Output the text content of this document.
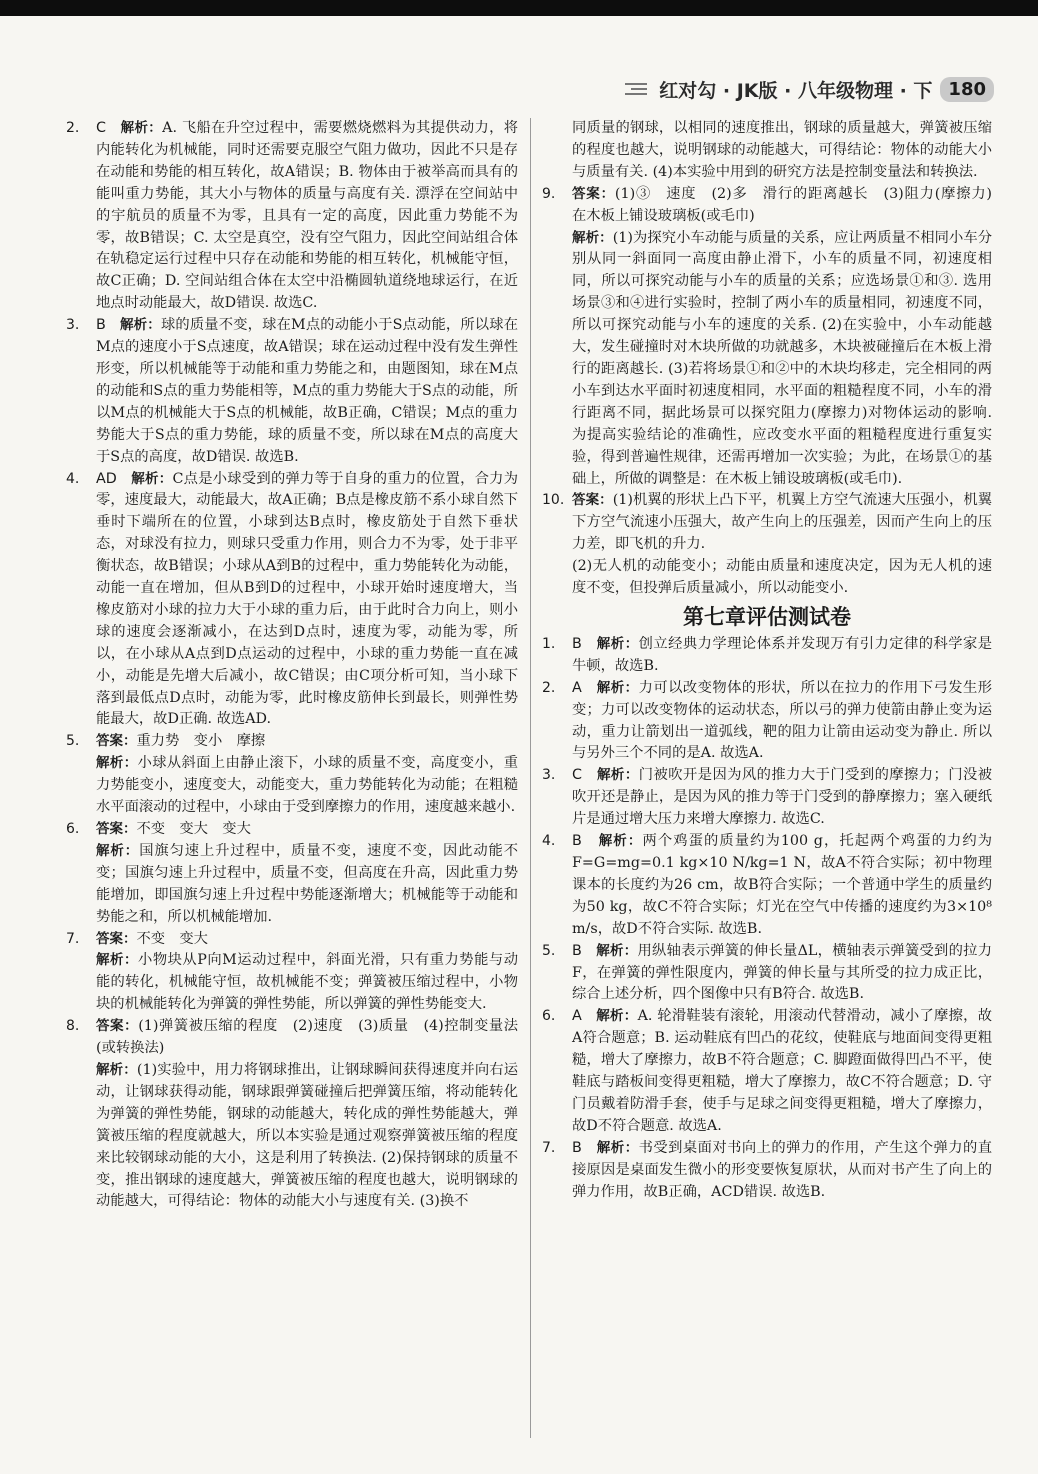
红对勾 · JK版 · 八年级物理 · 下 180
2.	C 解析：A. 飞船在升空过程中，需要燃烧燃料为其提供动力，将内能转化为机械能，同时还需要克服空气阻力做功，因此不只是存在动能和势能的相互转化，故A错误；B. 物体由于被举高而具有的能叫重力势能，其大小与物体的质量与高度有关. 漂浮在空间站中的宇航员的质量不为零，且具有一定的高度，因此重力势能不为零，故B错误；C. 太空是真空，没有空气阻力，因此空间站组合体在轨稳定运行过程中只存在动能和势能的相互转化，机械能守恒，故C正确；D. 空间站组合体在太空中沿椭圆轨道绕地球运行，在近地点时动能最大，故D错误. 故选C.
3.	B 解析：球的质量不变，球在M点的动能小于S点动能，所以球在M点的速度小于S点速度，故A错误；球在运动过程中没有发生弹性形变，所以机械能等于动能和重力势能之和，由题图知，球在M点的动能和S点的重力势能相等，M点的重力势能大于S点的动能，所以M点的机械能大于S点的机械能，故B正确，C错误；M点的重力势能大于S点的重力势能，球的质量不变，所以球在M点的高度大于S点的高度，故D错误. 故选B.
4.	AD 解析：C点是小球受到的弹力等于自身的重力的位置，合力为零，速度最大，动能最大，故A正确；B点是橡皮筋不系小球自然下垂时下端所在的位置，小球到达B点时，橡皮筋处于自然下垂状态，对球没有拉力，则球只受重力作用，则合力不为零，处于非平衡状态，故B错误；小球从A到B的过程中，重力势能转化为动能，动能一直在增加，但从B到D的过程中，小球开始时速度增大，当橡皮筋对小球的拉力大于小球的重力后，由于此时合力向上，则小球的速度会逐渐减小，在达到D点时，速度为零，动能为零，所以，在小球从A点到D点运动的过程中，小球的重力势能一直在减小，动能是先增大后减小，故C错误；由C项分析可知，当小球下落到最低点D点时，动能为零，此时橡皮筋伸长到最长，则弹性势能最大，故D正确. 故选AD.
5.	答案：重力势　变小　摩擦

解析：小球从斜面上由静止滚下，小球的质量不变，高度变小，重力势能变小，速度变大，动能变大，重力势能转化为动能；在粗糙水平面滚动的过程中，小球由于受到摩擦力的作用，速度越来越小.

6.	答案：不变　变大　变大

解析：国旗匀速上升过程中，质量不变，速度不变，因此动能不变；国旗匀速上升过程中，质量不变，但高度在升高，因此重力势能增加，即国旗匀速上升过程中势能逐渐增大；机械能等于动能和势能之和，所以机械能增加.

7.	答案：不变　变大

解析：小物块从P向M运动过程中，斜面光滑，只有重力势能与动能的转化，机械能守恒，故机械能不变；弹簧被压缩过程中，小物块的机械能转化为弹簧的弹性势能，所以弹簧的弹性势能变大.

8.	答案：(1)弹簧被压缩的程度　(2)速度　(3)质量　(4)控制变量法(或转换法)

解析：(1)实验中，用力将钢球推出，让钢球瞬间获得速度并向右运动，让钢球获得动能，钢球跟弹簧碰撞后把弹簧压缩，将动能转化为弹簧的弹性势能，钢球的动能越大，转化成的弹性势能越大，弹簧被压缩的程度就越大，所以本实验是通过观察弹簧被压缩的程度来比较钢球动能的大小，这是利用了转换法. (2)保持钢球的质量不变，推出钢球的速度越大，弹簧被压缩的程度也越大，说明钢球的动能越大，可得结论：物体的动能大小与速度有关. (3)换不

同质量的钢球，以相同的速度推出，钢球的质量越大，弹簧被压缩的程度也越大，说明钢球的动能越大，可得结论：物体的动能大小与质量有关. (4)本实验中用到的研究方法是控制变量法和转换法.
9.	答案：(1)③　速度　(2)多　滑行的距离越长　(3)阻力(摩擦力)　在木板上铺设玻璃板(或毛巾)

解析：(1)为探究小车动能与质量的关系，应让两质量不相同小车分别从同一斜面同一高度由静止滑下，小车的质量不同，初速度相同，所以可探究动能与小车的质量的关系；应选场景①和③. 选用场景③和④进行实验时，控制了两小车的质量相同，初速度不同，所以可探究动能与小车的速度的关系. (2)在实验中，小车动能越大，发生碰撞时对木块所做的功就越多，木块被碰撞后在木板上滑行的距离越长. (3)若将场景①和②中的木块均移走，完全相同的两小车到达水平面时初速度相同，水平面的粗糙程度不同，小车的滑行距离不同，据此场景可以探究阻力(摩擦力)对物体运动的影响. 为提高实验结论的准确性，应改变水平面的粗糙程度进行重复实验，得到普遍性规律，还需再增加一次实验；为此，在场景①的基础上，所做的调整是：在木板上铺设玻璃板(或毛巾).

10. 答案：(1)机翼的形状上凸下平，机翼上方空气流速大压强小，机翼下方空气流速小压强大，故产生向上的压强差，因而产生向上的压力差，即飞机的升力.

(2)无人机的动能变小；动能由质量和速度决定，因为无人机的速度不变，但投弹后质量减小，所以动能变小.

第七章评估测试卷

1.	B 解析：创立经典力学理论体系并发现万有引力定律的科学家是牛顿，故选B.
2.	A 解析：力可以改变物体的形状，所以在拉力的作用下弓发生形变；力可以改变物体的运动状态，所以弓的弹力使箭由静止变为运动，重力让箭划出一道弧线，靶的阻力让箭由运动变为静止. 所以与另外三个不同的是A. 故选A.
3.	C 解析：门被吹开是因为风的推力大于门受到的摩擦力；门没被吹开还是静止，是因为风的推力等于门受到的静摩擦力；塞入硬纸片是通过增大压力来增大摩擦力. 故选C.
4.	B 解析：两个鸡蛋的质量约为100 g，托起两个鸡蛋的力约为F=G=mg=0.1 kg×10 N/kg=1 N，故A不符合实际；初中物理课本的长度约为26 cm，故B符合实际；一个普通中学生的质量约为50 kg，故C不符合实际；灯光在空气中传播的速度约为3×10⁸ m/s，故D不符合实际. 故选B.
5.	B 解析：用纵轴表示弹簧的伸长量ΔL，横轴表示弹簧受到的拉力F，在弹簧的弹性限度内，弹簧的伸长量与其所受的拉力成正比，综合上述分析，四个图像中只有B符合. 故选B.
6.	A 解析：A. 轮滑鞋装有滚轮，用滚动代替滑动，减小了摩擦，故A符合题意；B. 运动鞋底有凹凸的花纹，使鞋底与地面间变得更粗糙，增大了摩擦力，故B不符合题意；C. 脚蹬面做得凹凸不平，使鞋底与踏板间变得更粗糙，增大了摩擦力，故C不符合题意；D. 守门员戴着防滑手套，使手与足球之间变得更粗糙，增大了摩擦力，故D不符合题意. 故选A.
7.	B 解析：书受到桌面对书向上的弹力的作用，产生这个弹力的直接原因是桌面发生微小的形变要恢复原状，从而对书产生了向上的弹力作用，故B正确，ACD错误. 故选B.
